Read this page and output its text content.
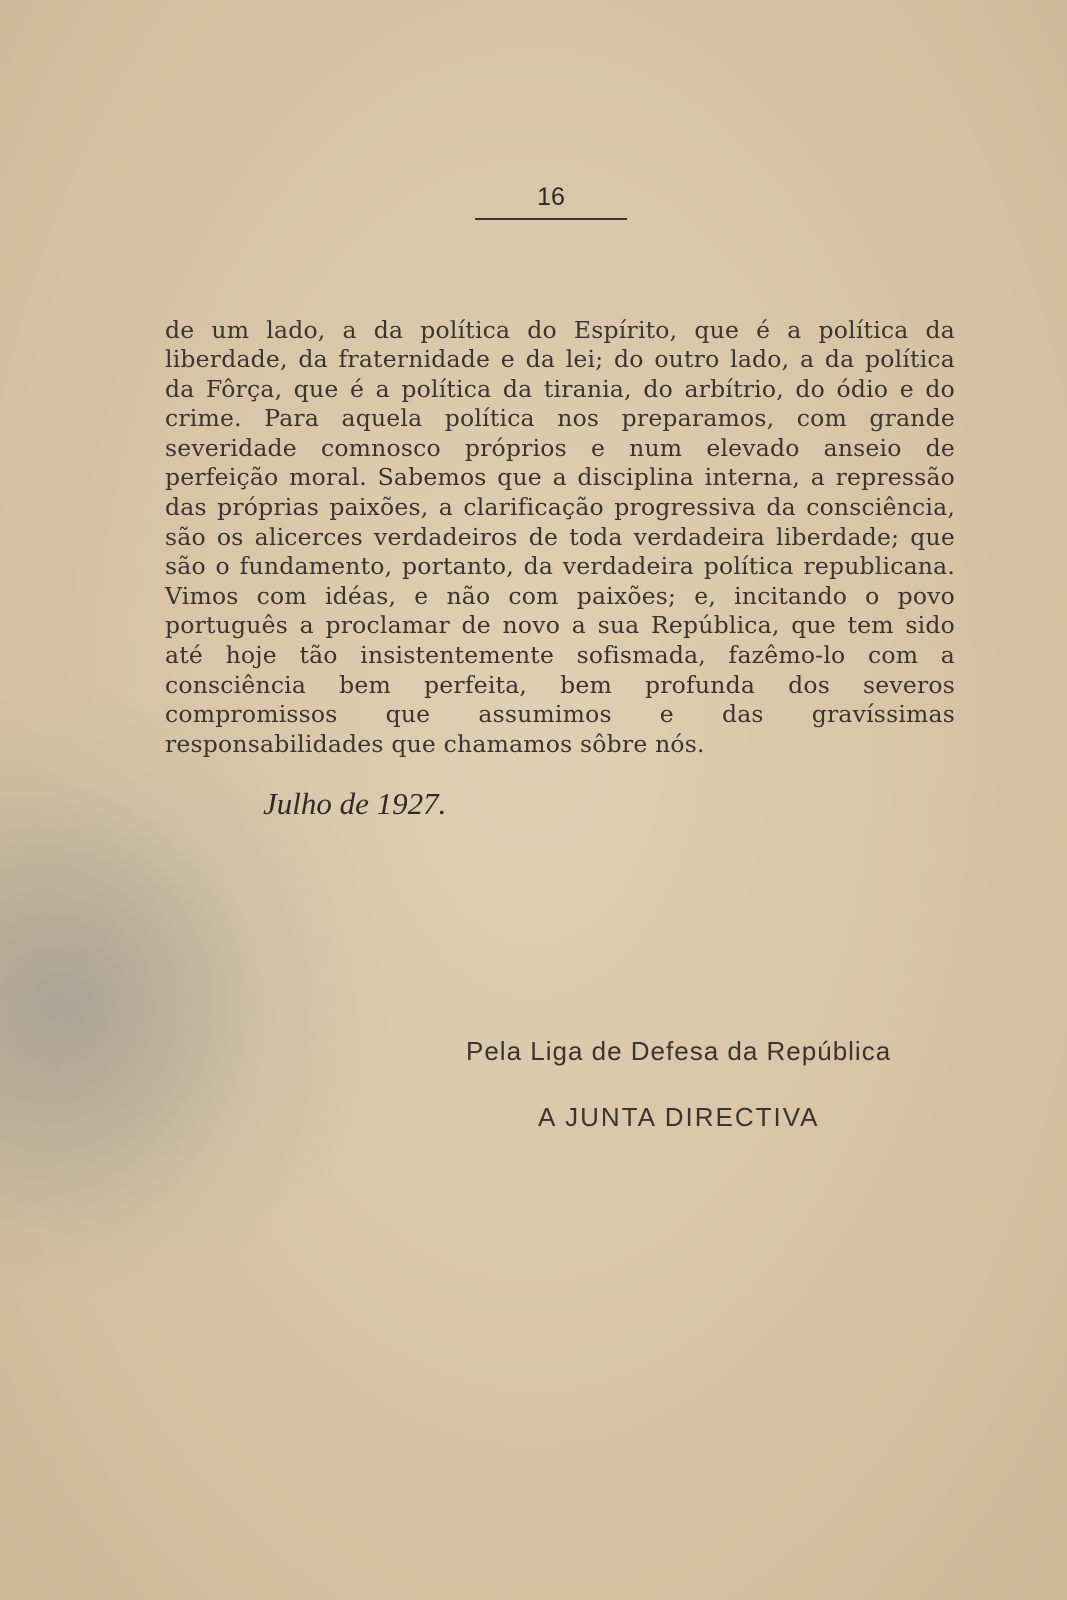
16

de um lado, a da política do Espírito, que é a política da liberdade, da fraternidade e da lei; do outro lado, a da política da Fôrça, que é a política da tirania, do arbítrio, do ódio e do crime. Para aquela política nos preparamos, com grande severidade comnosco próprios e num elevado anseio de perfeição moral. Sabemos que a disciplina interna, a repressão das próprias paixões, a clarificação progressiva da consciência, são os alicerces verdadeiros de toda verdadeira liberdade; que são o fundamento, portanto, da verdadeira política republicana. Vimos com idéas, e não com paixões; e, incitando o povo português a proclamar de novo a sua República, que tem sido até hoje tão insistentemente sofismada, fazêmo-lo com a consciência bem perfeita, bem profunda dos severos compromissos que assumimos e das gravíssimas responsabilidades que chamamos sôbre nós.

Julho de 1927.
Pela Liga de Defesa da República
A JUNTA DIRECTIVA
